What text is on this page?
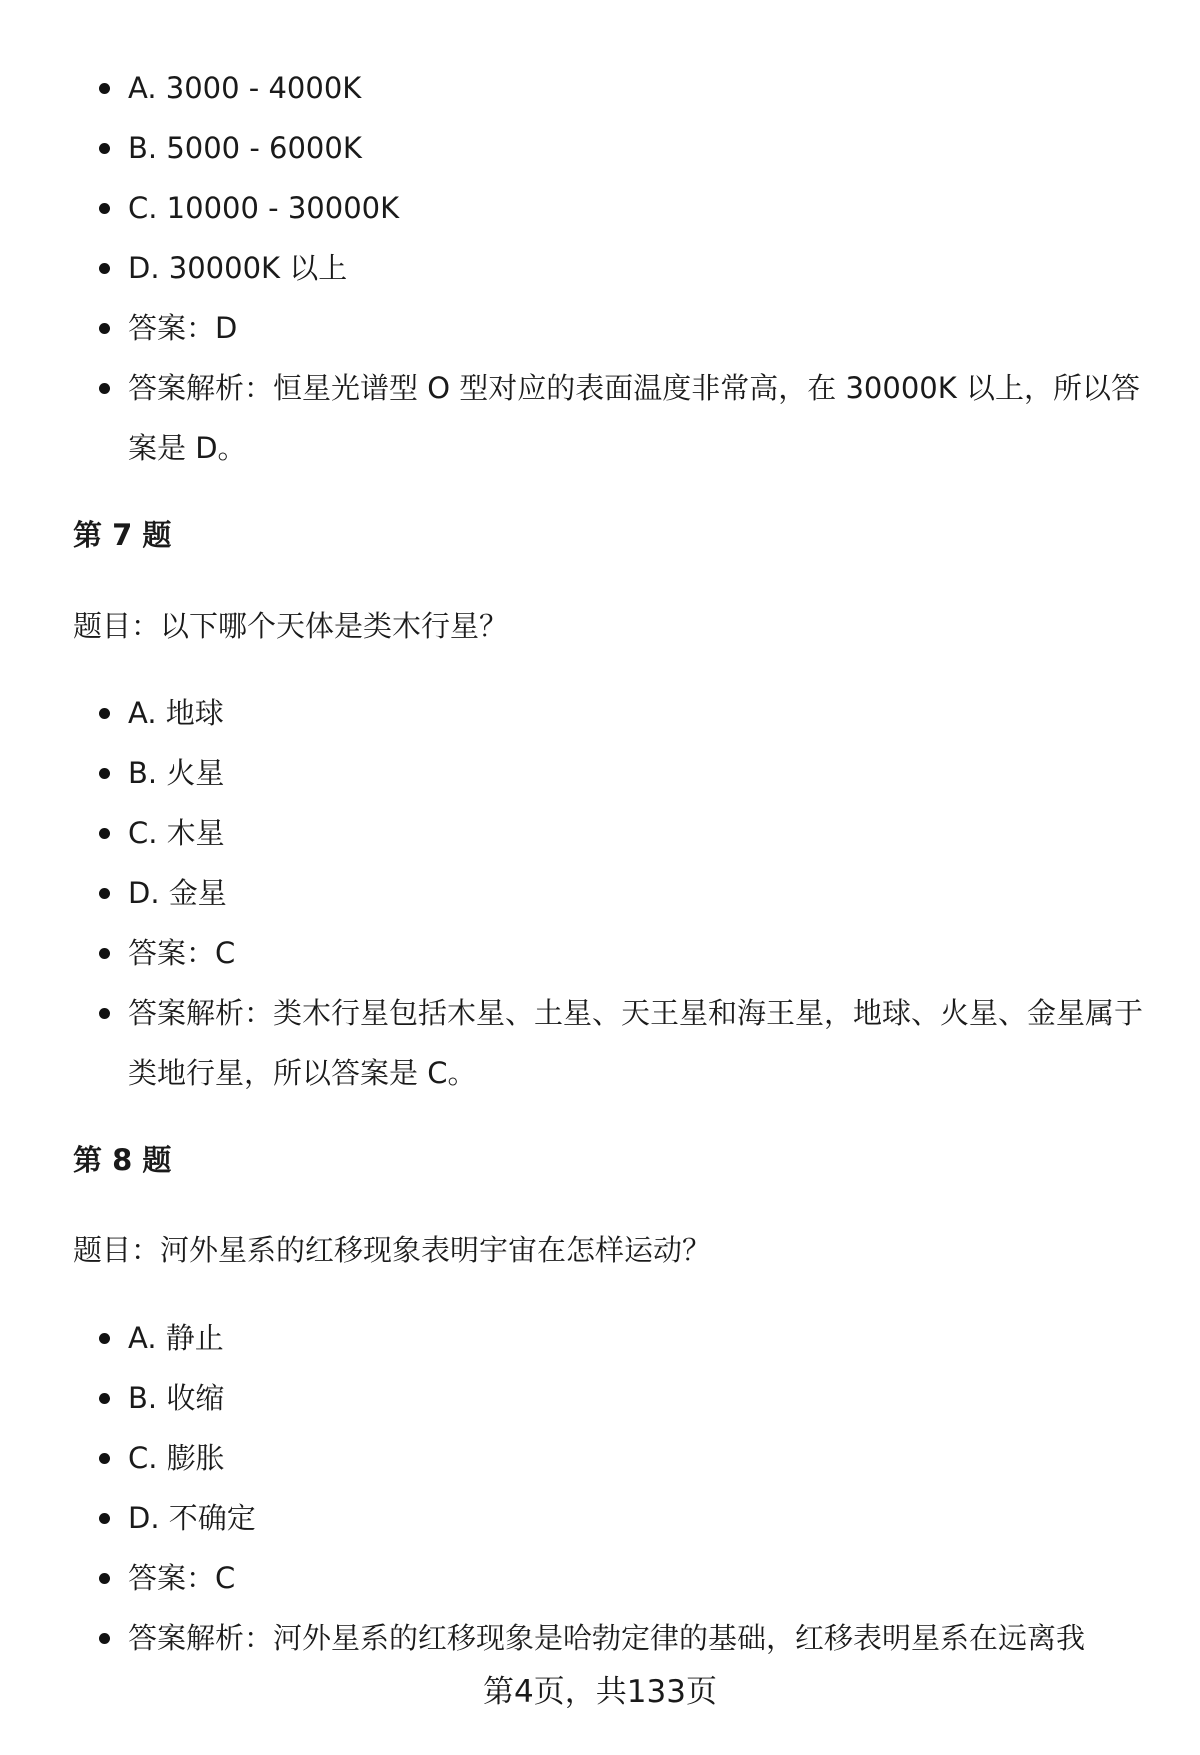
A. 3000 - 4000K
B. 5000 - 6000K
C. 10000 - 30000K
D. 30000K 以上
答案：D
答案解析：恒星光谱型 O 型对应的表面温度非常高，在 30000K 以上，所以答案是 D。
第 7 题
题目：以下哪个天体是类木行星？
A. 地球
B. 火星
C. 木星
D. 金星
答案：C
答案解析：类木行星包括木星、土星、天王星和海王星，地球、火星、金星属于类地行星，所以答案是 C。
第 8 题
题目：河外星系的红移现象表明宇宙在怎样运动？
A. 静止
B. 收缩
C. 膨胀
D. 不确定
答案：C
答案解析：河外星系的红移现象是哈勃定律的基础，红移表明星系在远离我
第4页，共133页
